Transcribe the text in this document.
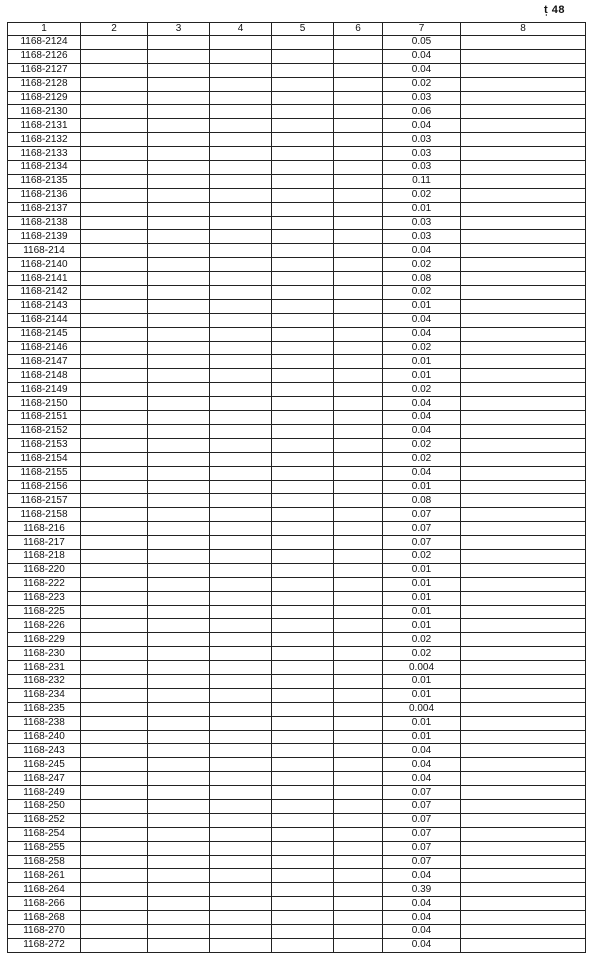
t̩ 48
1	2	3	4	5	6	7	8
1168-2124						0.05	
1168-2126						0.04	
1168-2127						0.04	
1168-2128						0.02	
1168-2129						0.03	
1168-2130						0.06	
1168-2131						0.04	
1168-2132						0.03	
1168-2133						0.03	
1168-2134						0.03	
1168-2135						0.11	
1168-2136						0.02	
1168-2137						0.01	
1168-2138						0.03	
1168-2139						0.03	
1168-214						0.04	
1168-2140						0.02	
1168-2141						0.08	
1168-2142						0.02	
1168-2143						0.01	
1168-2144						0.04	
1168-2145						0.04	
1168-2146						0.02	
1168-2147						0.01	
1168-2148						0.01	
1168-2149						0.02	
1168-2150						0.04	
1168-2151						0.04	
1168-2152						0.04	
1168-2153						0.02	
1168-2154						0.02	
1168-2155						0.04	
1168-2156						0.01	
1168-2157						0.08	
1168-2158						0.07	
1168-216						0.07	
1168-217						0.07	
1168-218						0.02	
1168-220						0.01	
1168-222						0.01	
1168-223						0.01	
1168-225						0.01	
1168-226						0.01	
1168-229						0.02	
1168-230						0.02	
1168-231						0.004	
1168-232						0.01	
1168-234						0.01	
1168-235						0.004	
1168-238						0.01	
1168-240						0.01	
1168-243						0.04	
1168-245						0.04	
1168-247						0.04	
1168-249						0.07	
1168-250						0.07	
1168-252						0.07	
1168-254						0.07	
1168-255						0.07	
1168-258						0.07	
1168-261						0.04	
1168-264						0.39	
1168-266						0.04	
1168-268						0.04	
1168-270						0.04	
1168-272						0.04	
